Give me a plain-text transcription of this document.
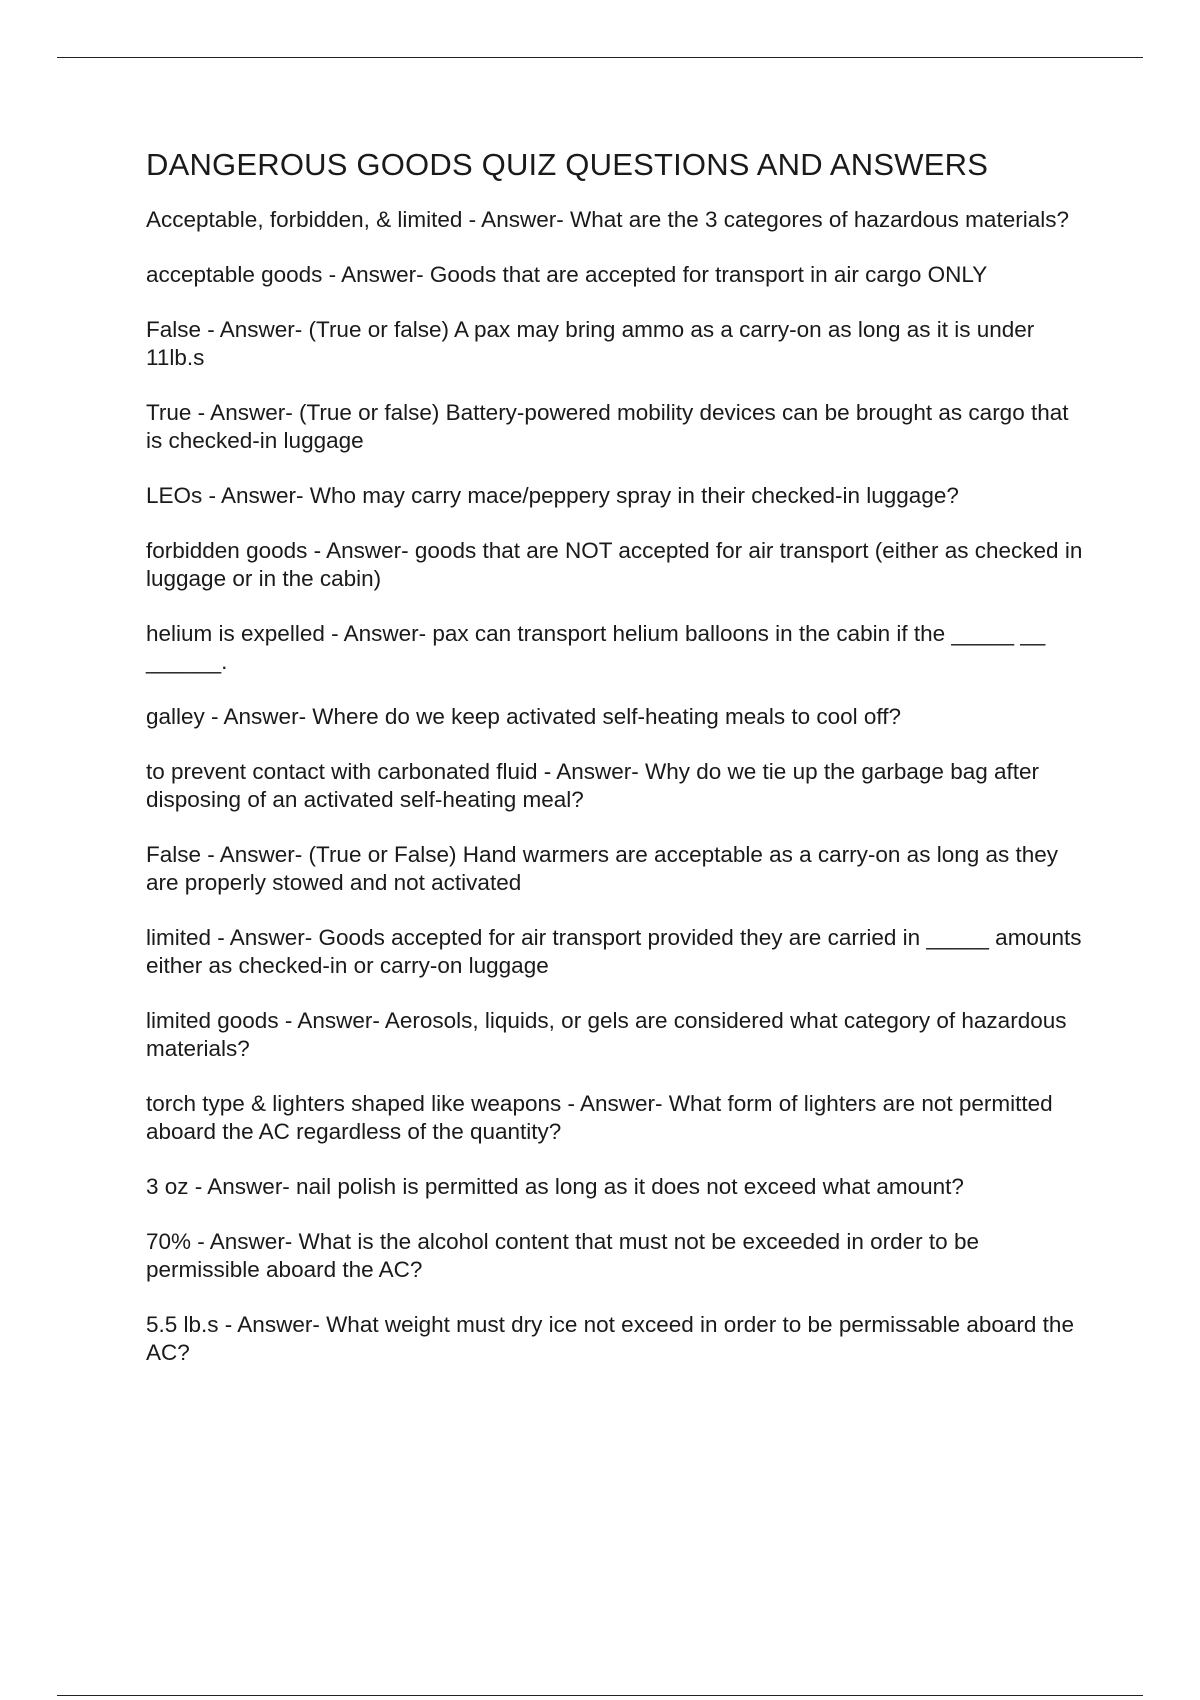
DANGEROUS GOODS QUIZ QUESTIONS AND ANSWERS
Acceptable, forbidden, & limited - Answer- What are the 3 categores of hazardous materials?
acceptable goods - Answer- Goods that are accepted for transport in air cargo ONLY
False - Answer- (True or false) A pax may bring ammo as a carry-on as long as it is under 11lb.s
True - Answer- (True or false) Battery-powered mobility devices can be brought as cargo that is checked-in luggage
LEOs - Answer- Who may carry mace/peppery spray in their checked-in luggage?
forbidden goods - Answer- goods that are NOT accepted for air transport (either as checked in luggage or in the cabin)
helium is expelled - Answer- pax can transport helium balloons in the cabin if the _____ __ ______.
galley - Answer- Where do we keep activated self-heating meals to cool off?
to prevent contact with carbonated fluid - Answer- Why do we tie up the garbage bag after disposing of an activated self-heating meal?
False - Answer- (True or False) Hand warmers are acceptable as a carry-on as long as they are properly stowed and not activated
limited - Answer- Goods accepted for air transport provided they are carried in _____ amounts either as checked-in or carry-on luggage
limited goods - Answer- Aerosols, liquids, or gels are considered what category of hazardous materials?
torch type & lighters shaped like weapons - Answer- What form of lighters are not permitted aboard the AC regardless of the quantity?
3 oz - Answer- nail polish is permitted as long as it does not exceed what amount?
70% - Answer- What is the alcohol content that must not be exceeded in order to be permissible aboard the AC?
5.5 lb.s - Answer- What weight must dry ice not exceed in order to be permissable aboard the AC?
